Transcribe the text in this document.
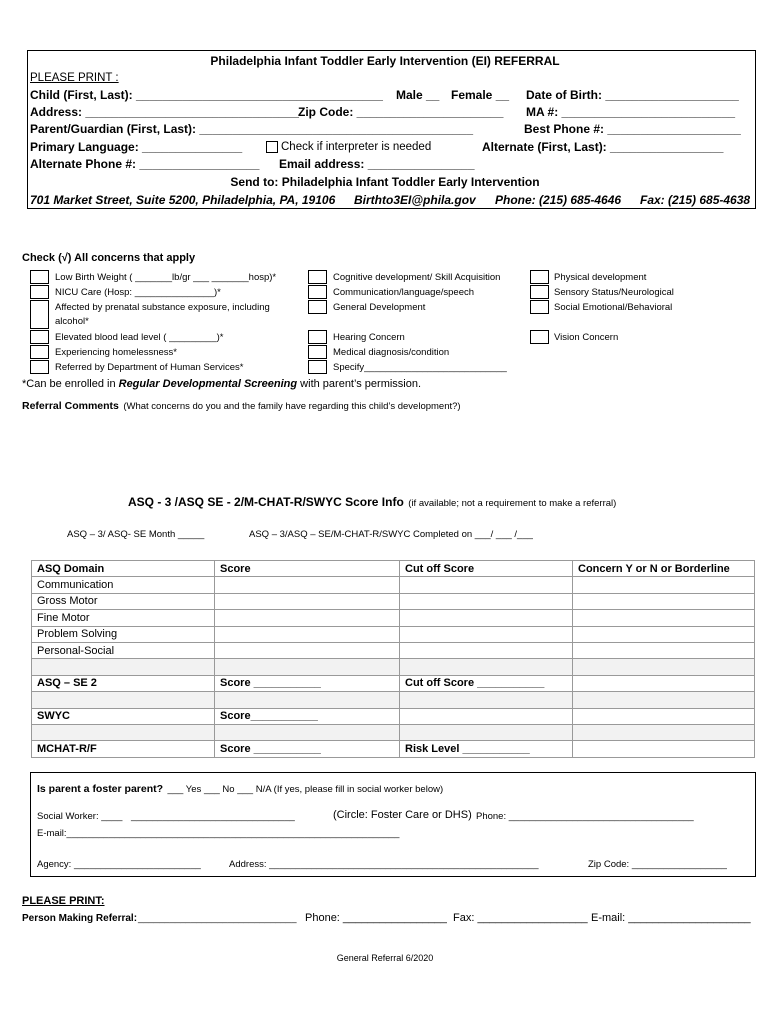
Philadelphia Infant Toddler Early Intervention (EI) REFERRAL
PLEASE PRINT :
Child (First, Last): _____________________________________ Male __ Female __ Date of Birth: ____________________
Address: ________________________________ Zip Code: ______________________ MA #: __________________________
Parent/Guardian (First, Last): _________________________________________	Best Phone #: ____________________
Primary Language: _______________	Check if interpreter is needed	Alternate (First, Last): _________________
Alternate Phone #: __________________ Email address: ________________
Send to: Philadelphia Infant Toddler Early Intervention
701 Market Street, Suite 5200, Philadelphia, PA, 19106 Birthto3EI@phila.gov Phone: (215) 685-4646 Fax: (215) 685-4638
Check (√) All concerns that apply
Low Birth Weight ( _______lb/gr ___ _______hosp)*
NICU Care (Hosp: _______________)*
Affected by prenatal substance exposure, including
alcohol*
Elevated blood lead level ( _________)*
Experiencing homelessness*
Referred by Department of Human Services*
Cognitive development/ Skill Acquisition
Communication/language/speech
General Development
Hearing Concern
Medical diagnosis/condition
Specify___________________________
Physical development
Sensory Status/Neurological
Social Emotional/Behavioral
Vision Concern
*Can be enrolled in Regular Developmental Screening with parent’s permission.
Referral Comments (What concerns do you and the family have regarding this child’s development?)
ASQ - 3 /ASQ SE - 2/M-CHAT-R/SWYC Score Info (if available; not a requirement to make a referral)
ASQ – 3/ ASQ- SE Month _____	ASQ – 3/ASQ – SE/M-CHAT-R/SWYC Completed on ___/ ___ /___
ASQ Domain	Score	Cut off Score	Concern Y or N or Borderline
Communication			
Gross Motor			
Fine Motor			
Problem Solving			
Personal-Social			

ASQ – SE 2	Score ___________	Cut off Score ___________	

SWYC	Score___________		

MCHAT-R/F	Score ___________	Risk Level ___________	
Is parent a foster parent? ___ Yes ___ No ___ N/A (If yes, please fill in social worker below)
Social Worker: ____ _______________________________	(Circle: Foster Care or DHS) Phone: ___________________________________
E-mail:_______________________________________________________________
Agency: ________________________	Address: ___________________________________________________	Zip Code: __________________
PLEASE PRINT:
Person Making Referral: ______________________________ Phone: _________________ Fax: __________________ E-mail: ____________________
General Referral 6/2020
